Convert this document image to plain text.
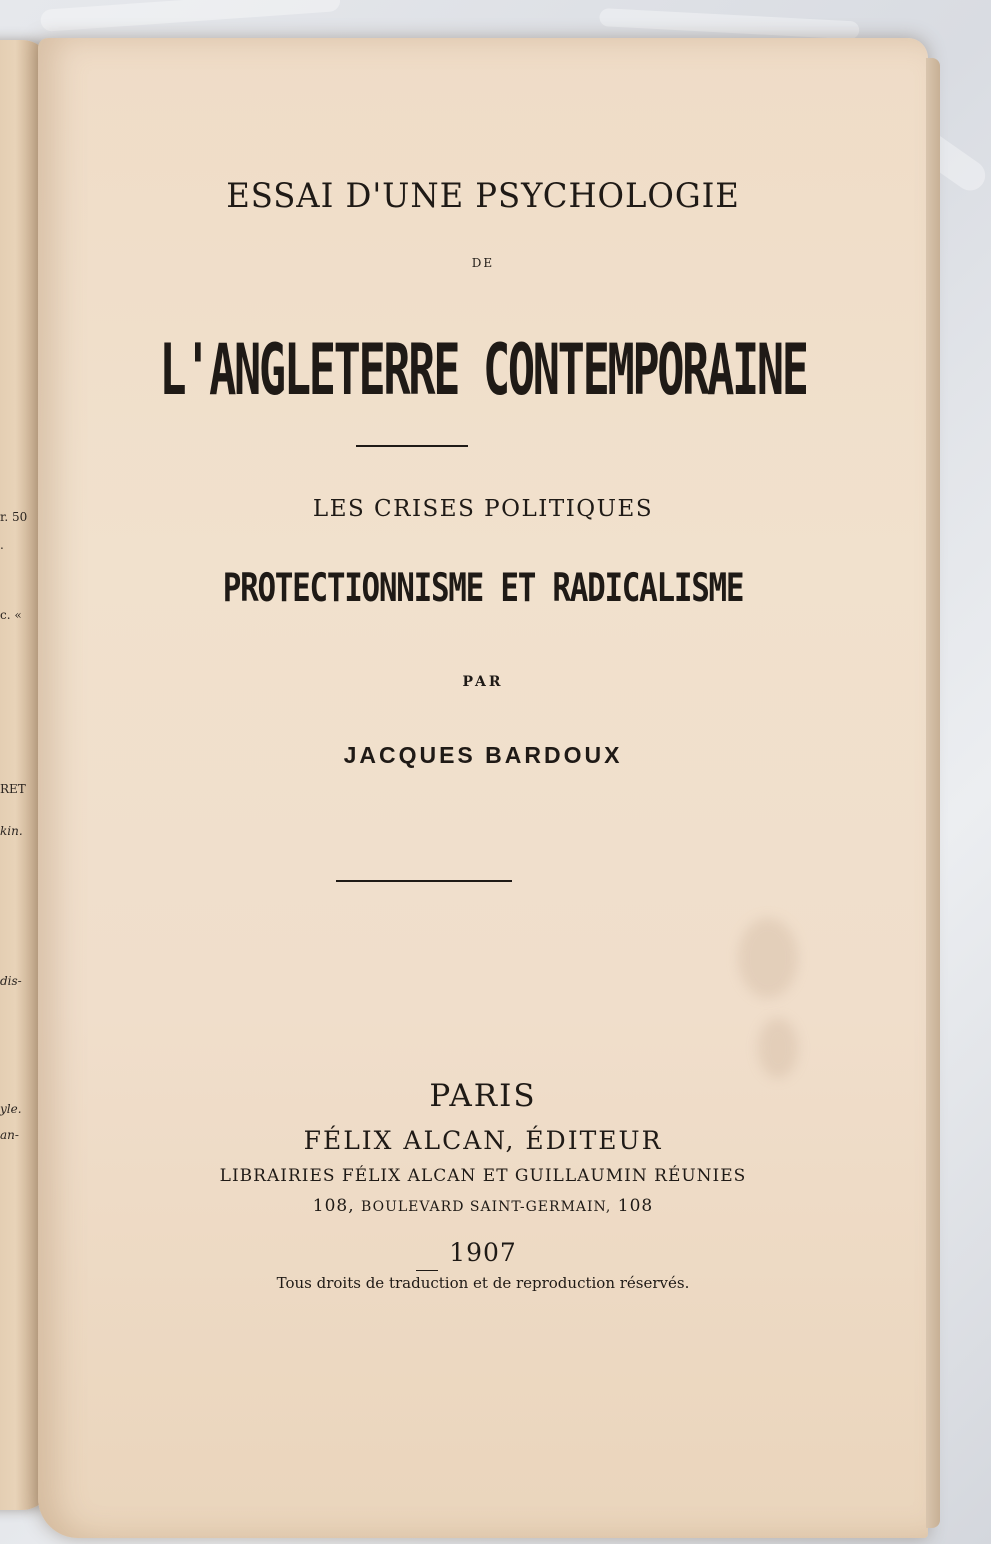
r. 50
.
c. «
RET
kin.
dis-
yle.
an-
ESSAI D'UNE PSYCHOLOGIE
DE
L'ANGLETERRE CONTEMPORAINE
LES CRISES POLITIQUES
PROTECTIONNISME ET RADICALISME
PAR
JACQUES BARDOUX
PARIS
FÉLIX ALCAN, ÉDITEUR
LIBRAIRIES FÉLIX ALCAN ET GUILLAUMIN RÉUNIES
108, BOULEVARD SAINT-GERMAIN, 108
1907
Tous droits de traduction et de reproduction réservés.
